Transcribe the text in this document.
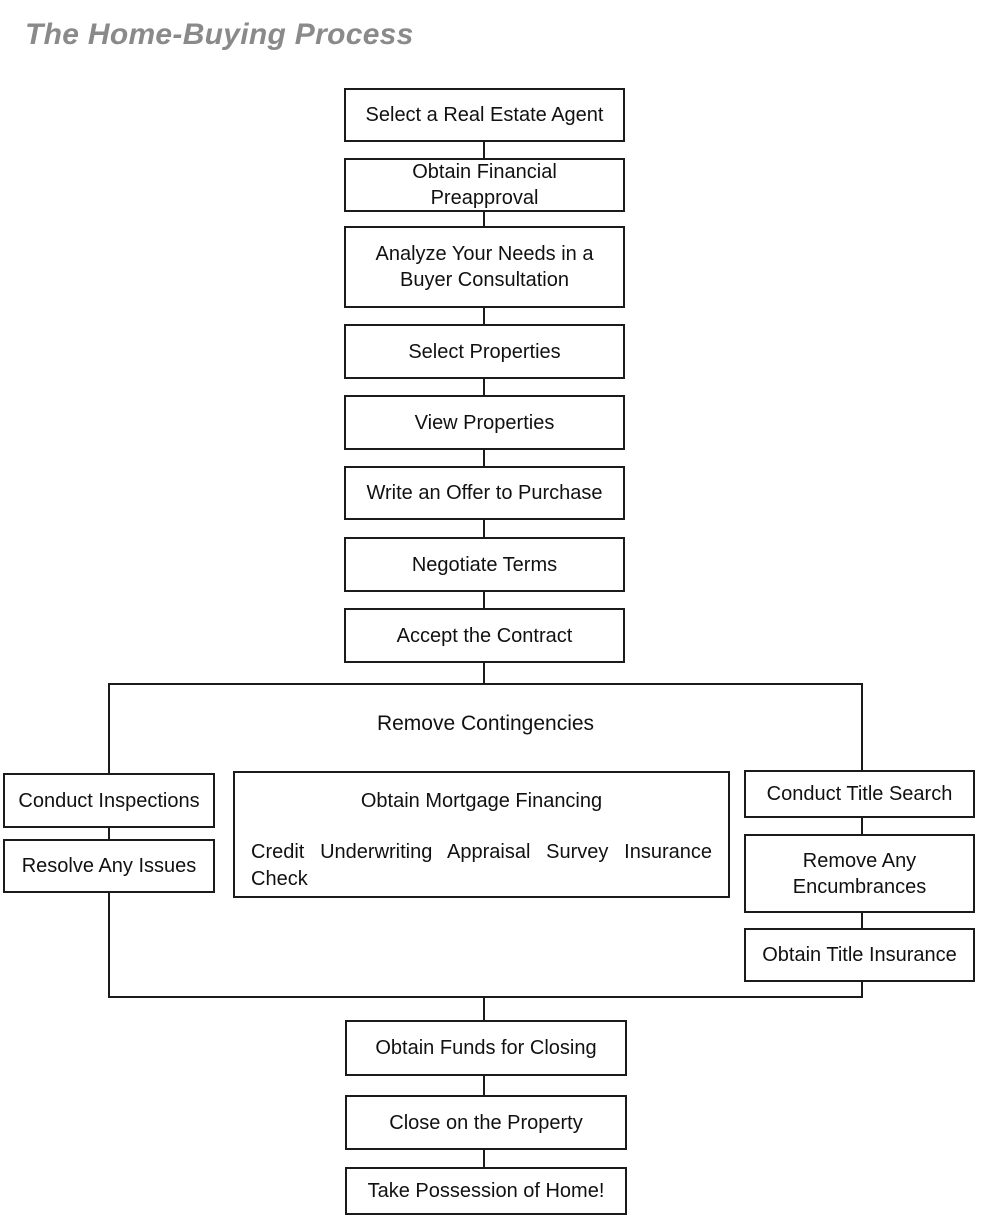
The Home-Buying Process
Select a Real Estate Agent
Obtain Financial Preapproval
Analyze Your Needs in a Buyer Consultation
Select Properties
View Properties
Write an Offer to Purchase
Negotiate Terms
Accept the Contract
Remove Contingencies
Conduct Inspections
Resolve Any Issues
Obtain Mortgage Financing
Credit Underwriting Appraisal Survey Insurance Check
Conduct Title Search
Remove Any Encumbrances
Obtain Title Insurance
Obtain Funds for Closing
Close on the Property
Take Possession of Home!
